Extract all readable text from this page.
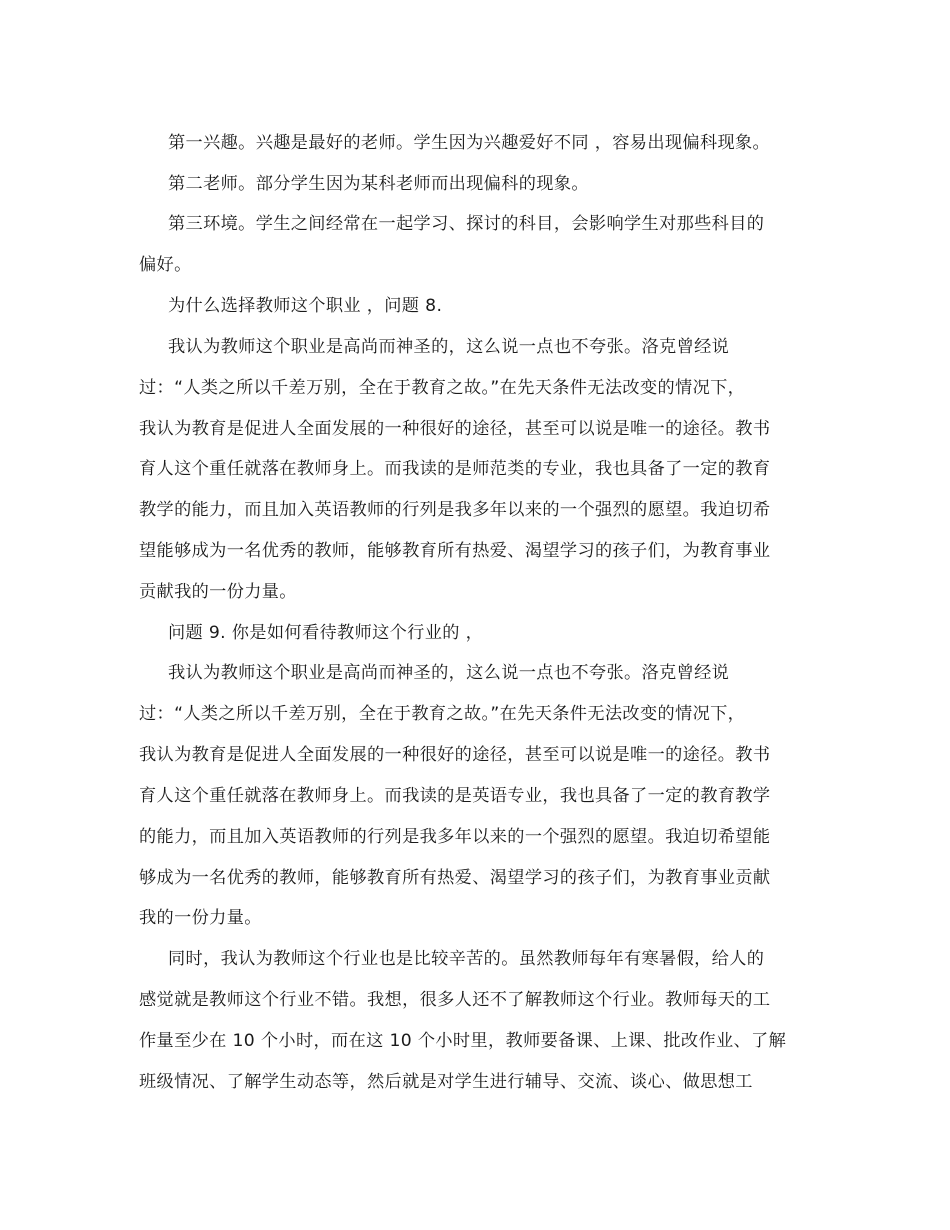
第一兴趣。兴趣是最好的老师。学生因为兴趣爱好不同 ，容易出现偏科现象。
第二老师。部分学生因为某科老师而出现偏科的现象。
第三环境。学生之间经常在一起学习、探讨的科目，会影响学生对那些科目的
偏好。
为什么选择教师这个职业 ，问题 8.
我认为教师这个职业是高尚而神圣的，这么说一点也不夸张。洛克曾经说
过：“人类之所以千差万别，全在于教育之故。”在先天条件无法改变的情况下，
我认为教育是促进人全面发展的一种很好的途径，甚至可以说是唯一的途径。教书
育人这个重任就落在教师身上。而我读的是师范类的专业，我也具备了一定的教育
教学的能力，而且加入英语教师的行列是我多年以来的一个强烈的愿望。我迫切希
望能够成为一名优秀的教师，能够教育所有热爱、渴望学习的孩子们，为教育事业
贡献我的一份力量。
问题 9. 你是如何看待教师这个行业的 ，
我认为教师这个职业是高尚而神圣的，这么说一点也不夸张。洛克曾经说
过：“人类之所以千差万别，全在于教育之故。”在先天条件无法改变的情况下，
我认为教育是促进人全面发展的一种很好的途径，甚至可以说是唯一的途径。教书
育人这个重任就落在教师身上。而我读的是英语专业，我也具备了一定的教育教学
的能力，而且加入英语教师的行列是我多年以来的一个强烈的愿望。我迫切希望能
够成为一名优秀的教师，能够教育所有热爱、渴望学习的孩子们，为教育事业贡献
我的一份力量。
同时，我认为教师这个行业也是比较辛苦的。虽然教师每年有寒暑假，给人的
感觉就是教师这个行业不错。我想，很多人还不了解教师这个行业。教师每天的工
作量至少在 10 个小时，而在这 10 个小时里，教师要备课、上课、批改作业、了解
班级情况、了解学生动态等，然后就是对学生进行辅导、交流、谈心、做思想工
